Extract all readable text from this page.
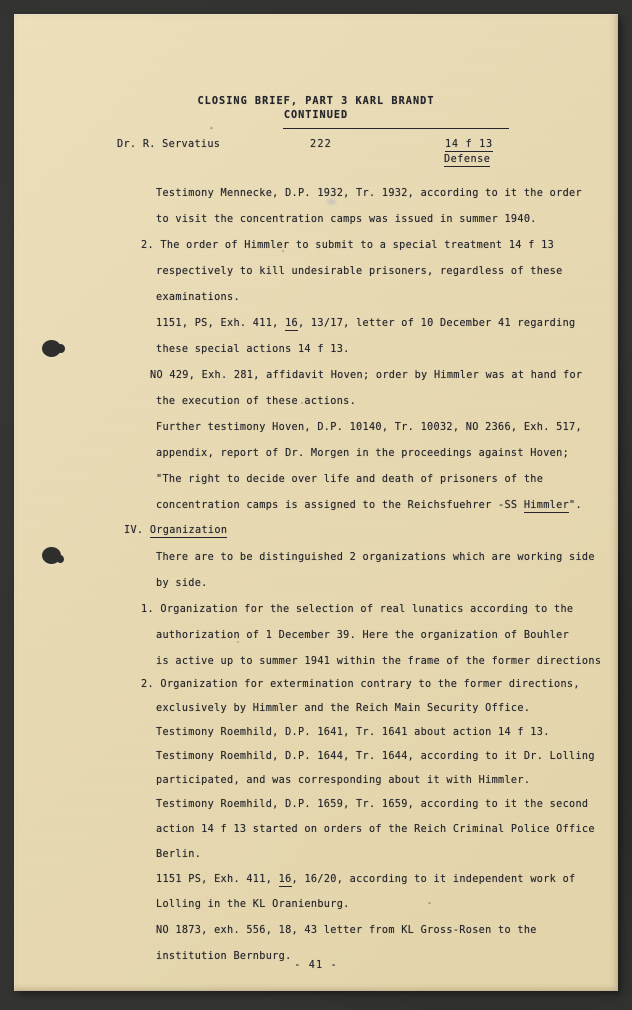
CLOSING BRIEF, PART 3 KARL BRANDT
CONTINUED
Dr. R. Servatius	222	14 f 13
Defense
Testimony Mennecke, D.P. 1932, Tr. 1932, according to it the order
to visit the concentration camps was issued in summer 1940.
2. The order of Himmler to submit to a special treatment 14 f 13
respectively to kill undesirable prisoners, regardless of these
examinations.
1151, PS, Exh. 411, 16, 13/17, letter of 10 December 41 regarding
these special actions 14 f 13.
NO 429, Exh. 281, affidavit Hoven; order by Himmler was at hand for
the execution of these actions.
Further testimony Hoven, D.P. 10140, Tr. 10032, NO 2366, Exh. 517,
appendix, report of Dr. Morgen in the proceedings against Hoven;
"The right to decide over life and death of prisoners of the
concentration camps is assigned to the Reichsfuehrer -SS Himmler".
IV. Organization
There are to be distinguished 2 organizations which are working side
by side.
1. Organization for the selection of real lunatics according to the
authorization of 1 December 39. Here the organization of Bouhler
is active up to summer 1941 within the frame of the former directions
2. Organization for extermination contrary to the former directions,
exclusively by Himmler and the Reich Main Security Office.
Testimony Roemhild, D.P. 1641, Tr. 1641 about action 14 f 13.
Testimony Roemhild, D.P. 1644, Tr. 1644, according to it Dr. Lolling
participated, and was corresponding about it with Himmler.
Testimony Roemhild, D.P. 1659, Tr. 1659, according to it the second
action 14 f 13 started on orders of the Reich Criminal Police Office
Berlin.
1151 PS, Exh. 411, 16, 16/20, according to it independent work of
Lolling in the KL Oranienburg.
NO 1873, exh. 556, 18, 43 letter from KL Gross-Rosen to the
institution Bernburg.
- 41 -
